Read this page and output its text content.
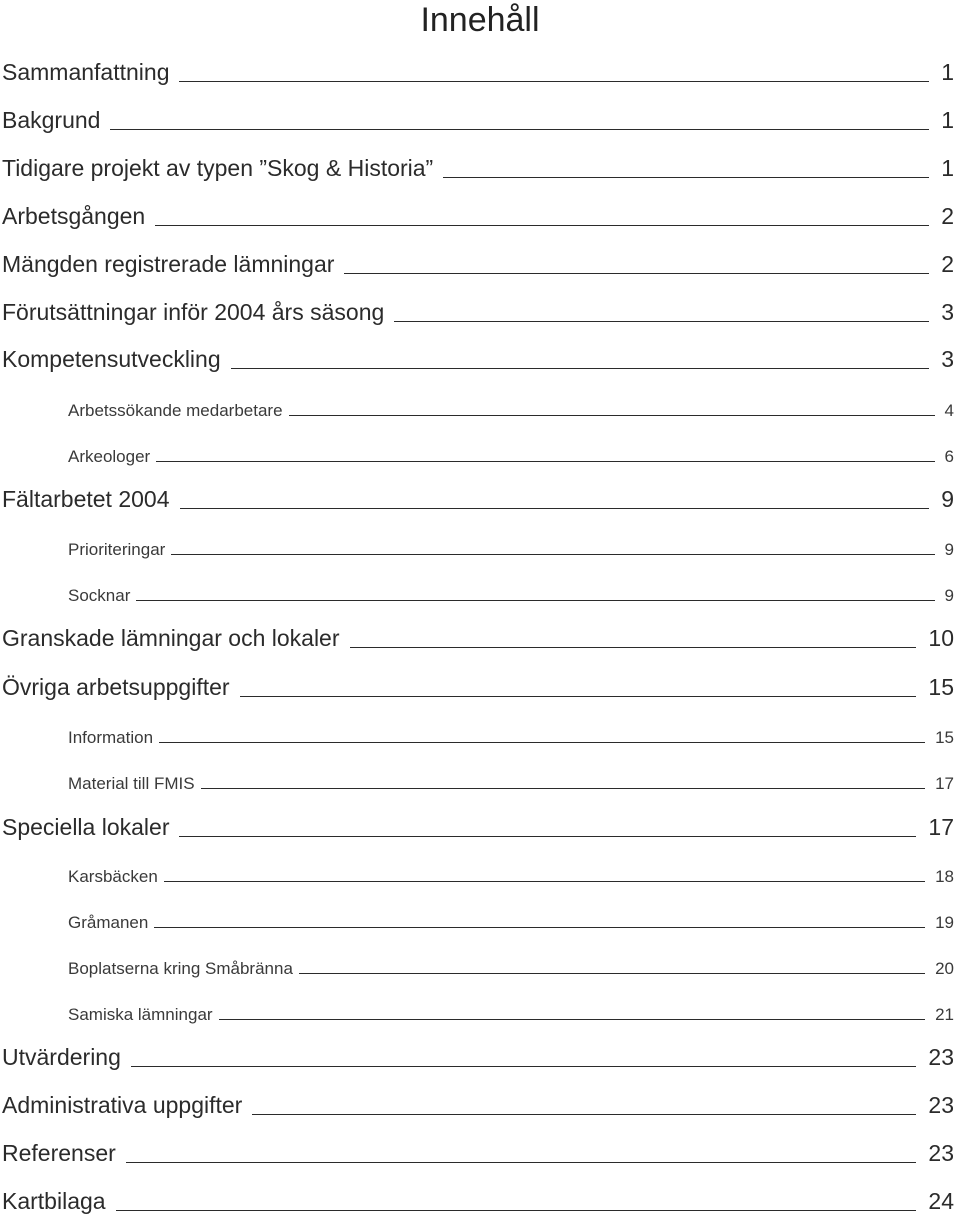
Innehåll
Sammanfattning	1
Bakgrund	1
Tidigare projekt av typen ”Skog & Historia”	1
Arbetsgången	2
Mängden registrerade lämningar	2
Förutsättningar inför 2004 års säsong	3
Kompetensutveckling	3
Arbetssökande medarbetare	4
Arkeologer	6
Fältarbetet 2004	9
Prioriteringar	9
Socknar	9
Granskade lämningar och lokaler	10
Övriga arbetsuppgifter	15
Information	15
Material till FMIS	17
Speciella lokaler	17
Karsbäcken	18
Gråmanen	19
Boplatserna kring Småbränna	20
Samiska lämningar	21
Utvärdering	23
Administrativa uppgifter	23
Referenser	23
Kartbilaga	24
